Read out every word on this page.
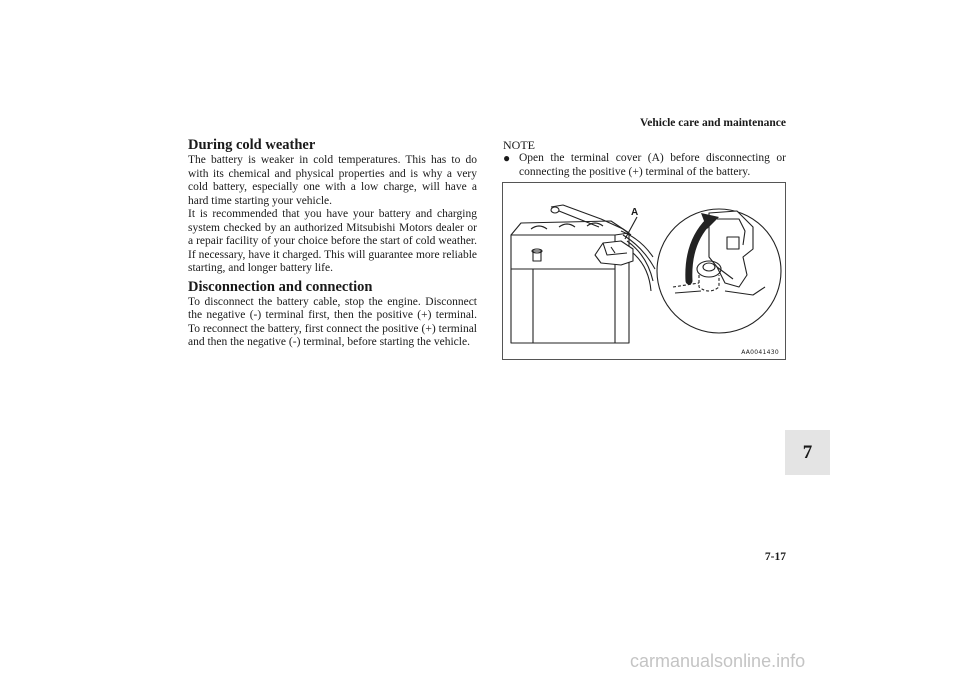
Vehicle care and maintenance
During cold weather

The battery is weaker in cold temperatures. This has to do with its chemical and physical properties and is why a very cold battery, especially one with a low charge, will have a hard time starting your vehicle.

It is recommended that you have your battery and charging system checked by an authorized Mitsubishi Motors dealer or a repair facility of your choice before the start of cold weather. If necessary, have it charged. This will guarantee more reliable starting, and longer battery life.

Disconnection and connection

To disconnect the battery cable, stop the engine. Disconnect the negative (-) terminal first, then the positive (+) terminal. To reconnect the battery, first connect the positive (+) terminal and then the negative (-) terminal, before starting the vehicle.

NOTE
● Open the terminal cover (A) before disconnecting or connecting the positive (+) terminal of the battery.
A
AA0041430
7
7-17
carmanualsonline.info
